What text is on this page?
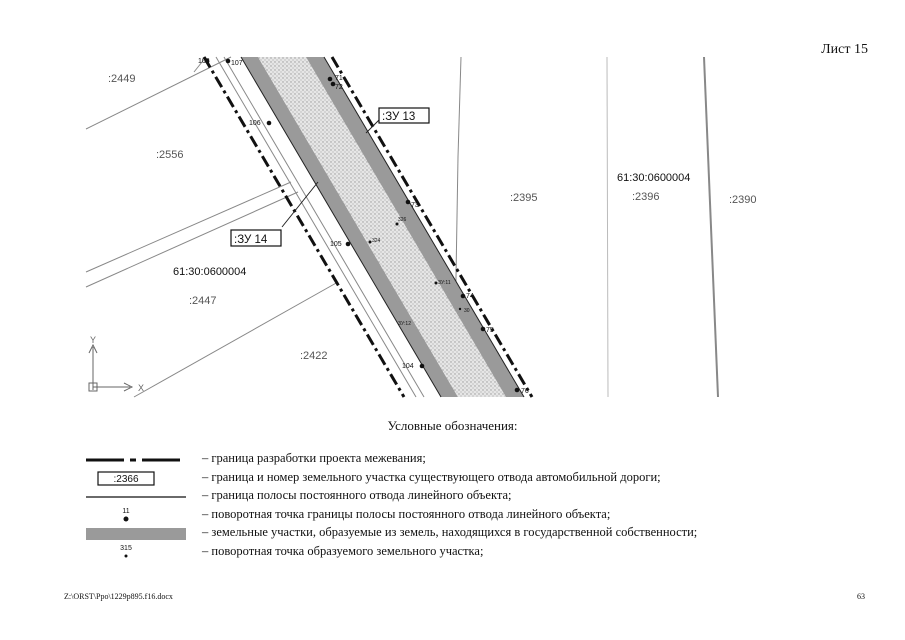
Лист 15
:2449
:2556
:2447
:2422
:2395	:2396	:2390
61:30:0600004
61:30:0600004
:ЗУ 13
:ЗУ 14
108	107
71
72
106
73
326
105	324
ЗУ:11
74
30
ЗУ:12
75
104
76
Y
X
Условные обозначения:
– граница разработки проекта межевания;
:2366	– граница и номер земельного участка существующего отвода автомобильной дороги;
– граница полосы постоянного отвода линейного объекта;
11	– поворотная точка границы полосы постоянного отвода линейного объекта;
– земельные участки, образуемые из земель, находящихся в государственной собственности;
315	– поворотная точка образуемого земельного участка;
Z:\ORST\Ppo\1229p895.f16.docx	63
